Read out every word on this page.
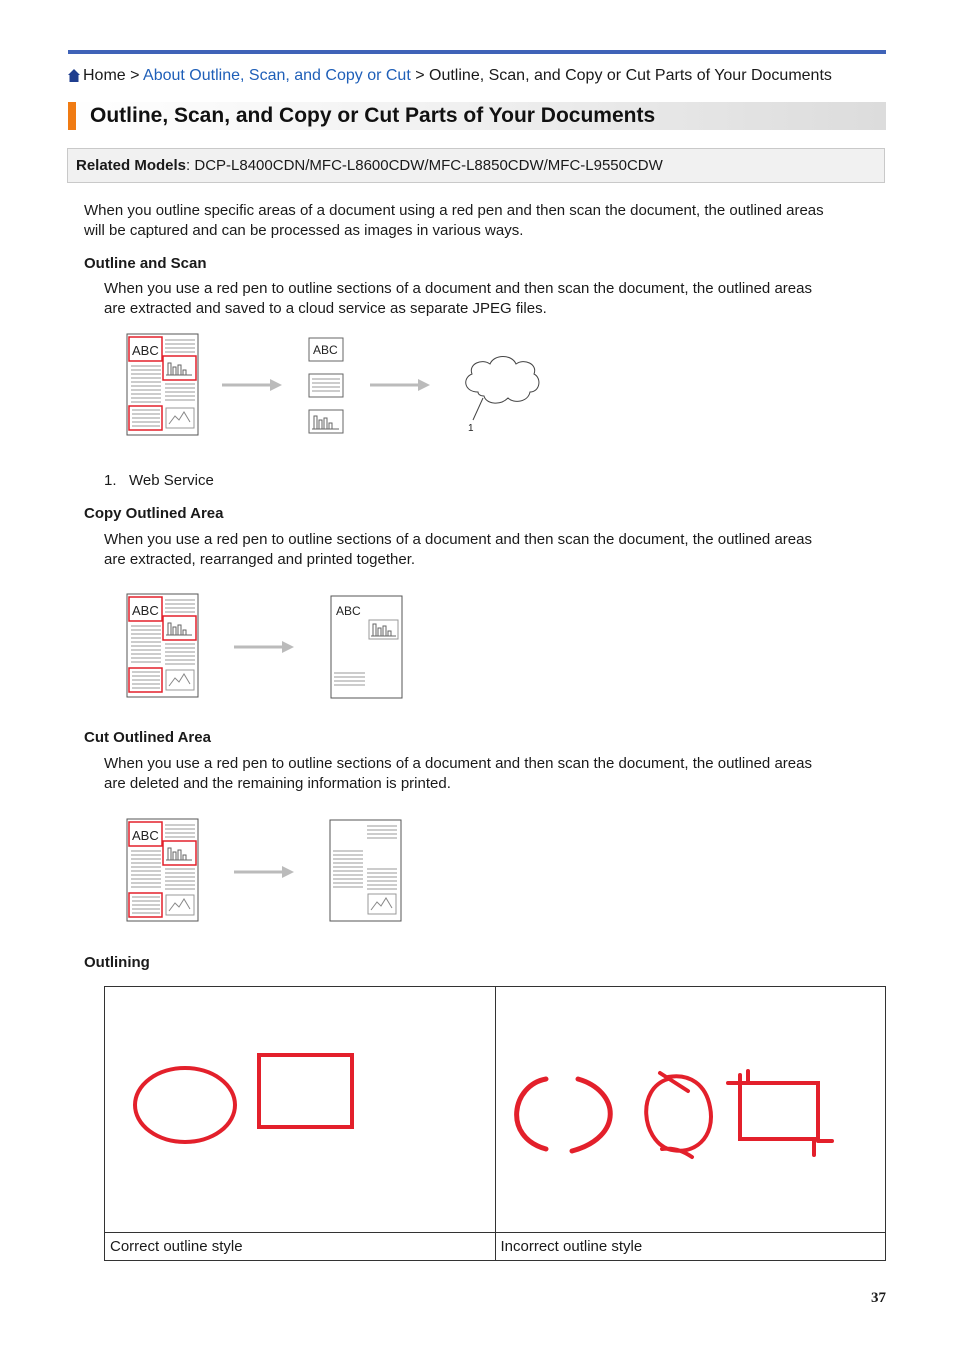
Home > About Outline, Scan, and Copy or Cut > Outline, Scan, and Copy or Cut Parts of Your Documents
Outline, Scan, and Copy or Cut Parts of Your Documents
Related Models: DCP-L8400CDN/MFC-L8600CDW/MFC-L8850CDW/MFC-L9550CDW
When you outline specific areas of a document using a red pen and then scan the document, the outlined areas
will be captured and can be processed as images in various ways.
Outline and Scan
When you use a red pen to outline sections of a document and then scan the document, the outlined areas
are extracted and saved to a cloud service as separate JPEG files.
ABC	ABC
1
1. Web Service
Copy Outlined Area
When you use a red pen to outline sections of a document and then scan the document, the outlined areas
are extracted, rearranged and printed together.
ABC	ABC
Cut Outlined Area
When you use a red pen to outline sections of a document and then scan the document, the outlined areas
are deleted and the remaining information is printed.
ABC
Outlining

Correct outline style	Incorrect outline style
37
